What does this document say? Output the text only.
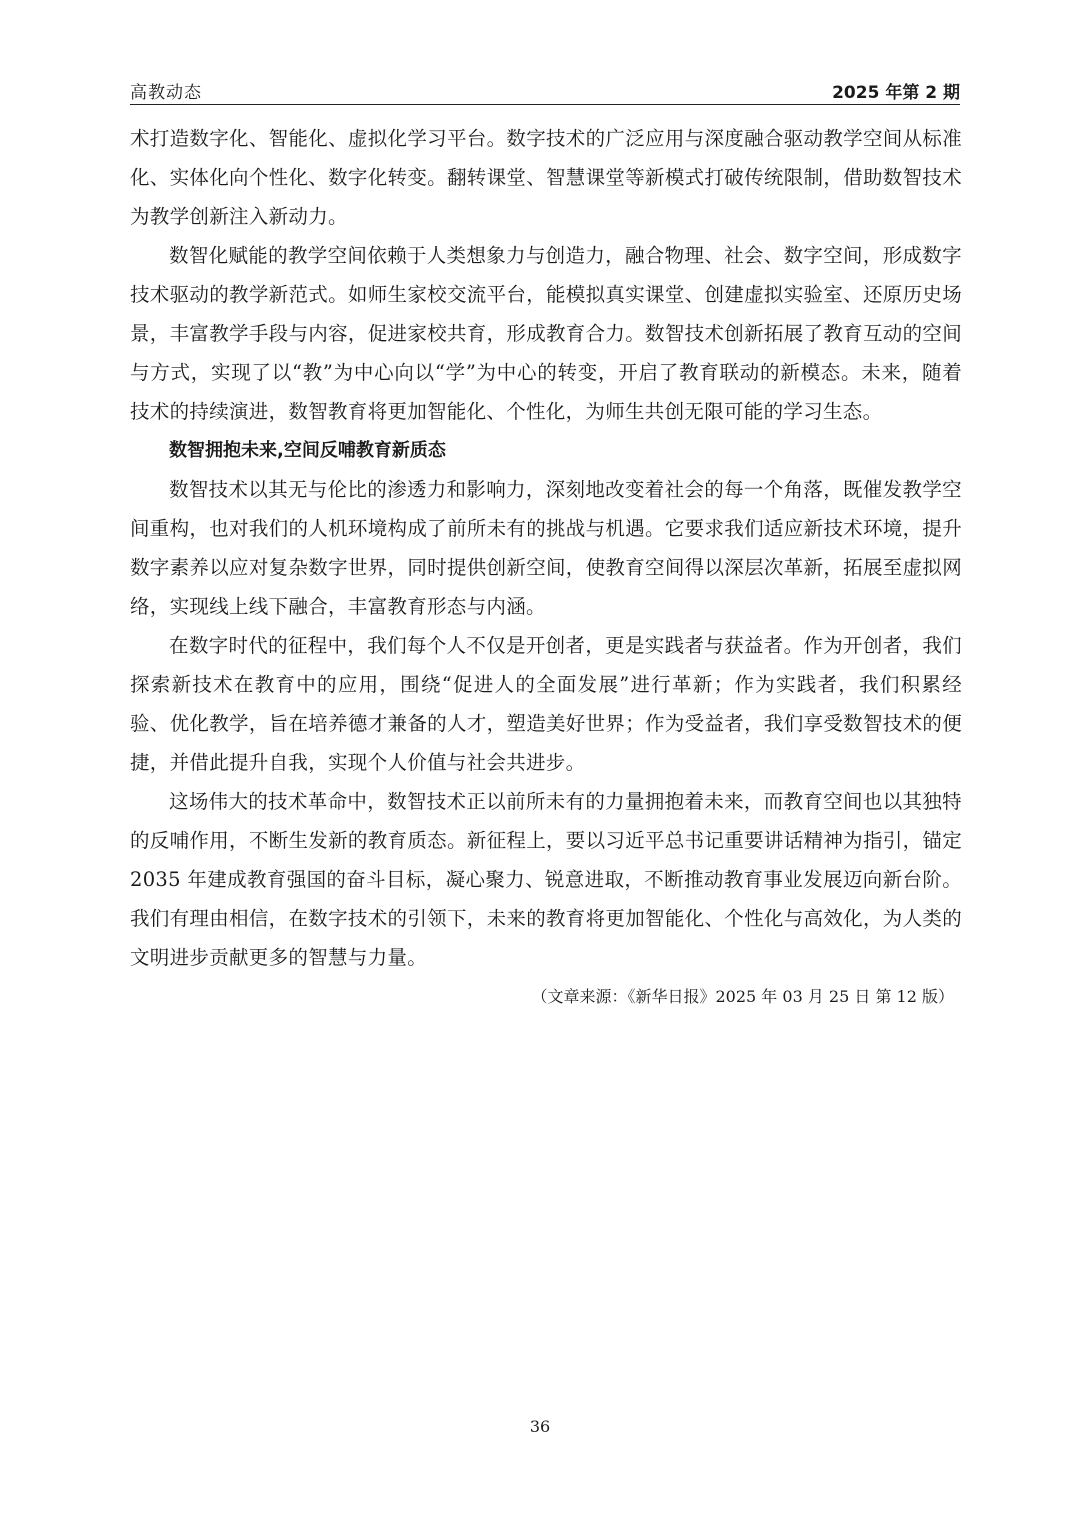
高教动态	2025 年第 2 期

术打造数字化、智能化、虚拟化学习平台。数字技术的广泛应用与深度融合驱动教学空间从标准化、实体化向个性化、数字化转变。翻转课堂、智慧课堂等新模式打破传统限制，借助数智技术为教学创新注入新动力。

数智化赋能的教学空间依赖于人类想象力与创造力，融合物理、社会、数字空间，形成数字技术驱动的教学新范式。如师生家校交流平台，能模拟真实课堂、创建虚拟实验室、还原历史场景，丰富教学手段与内容，促进家校共育，形成教育合力。数智技术创新拓展了教育互动的空间与方式，实现了以“教”为中心向以“学”为中心的转变，开启了教育联动的新模态。未来，随着技术的持续演进，数智教育将更加智能化、个性化，为师生共创无限可能的学习生态。

数智拥抱未来,空间反哺教育新质态

数智技术以其无与伦比的渗透力和影响力，深刻地改变着社会的每一个角落，既催发教学空间重构，也对我们的人机环境构成了前所未有的挑战与机遇。它要求我们适应新技术环境，提升数字素养以应对复杂数字世界，同时提供创新空间，使教育空间得以深层次革新，拓展至虚拟网络，实现线上线下融合，丰富教育形态与内涵。

在数字时代的征程中，我们每个人不仅是开创者，更是实践者与获益者。作为开创者，我们探索新技术在教育中的应用，围绕“促进人的全面发展”进行革新；作为实践者，我们积累经验、优化教学，旨在培养德才兼备的人才，塑造美好世界；作为受益者，我们享受数智技术的便捷，并借此提升自我，实现个人价值与社会共进步。

这场伟大的技术革命中，数智技术正以前所未有的力量拥抱着未来，而教育空间也以其独特的反哺作用，不断生发新的教育质态。新征程上，要以习近平总书记重要讲话精神为指引，锚定 2035 年建成教育强国的奋斗目标，凝心聚力、锐意进取，不断推动教育事业发展迈向新台阶。我们有理由相信，在数字技术的引领下，未来的教育将更加智能化、个性化与高效化，为人类的文明进步贡献更多的智慧与力量。

（文章来源：《新华日报》2025 年 03 月 25 日 第 12 版）

36
